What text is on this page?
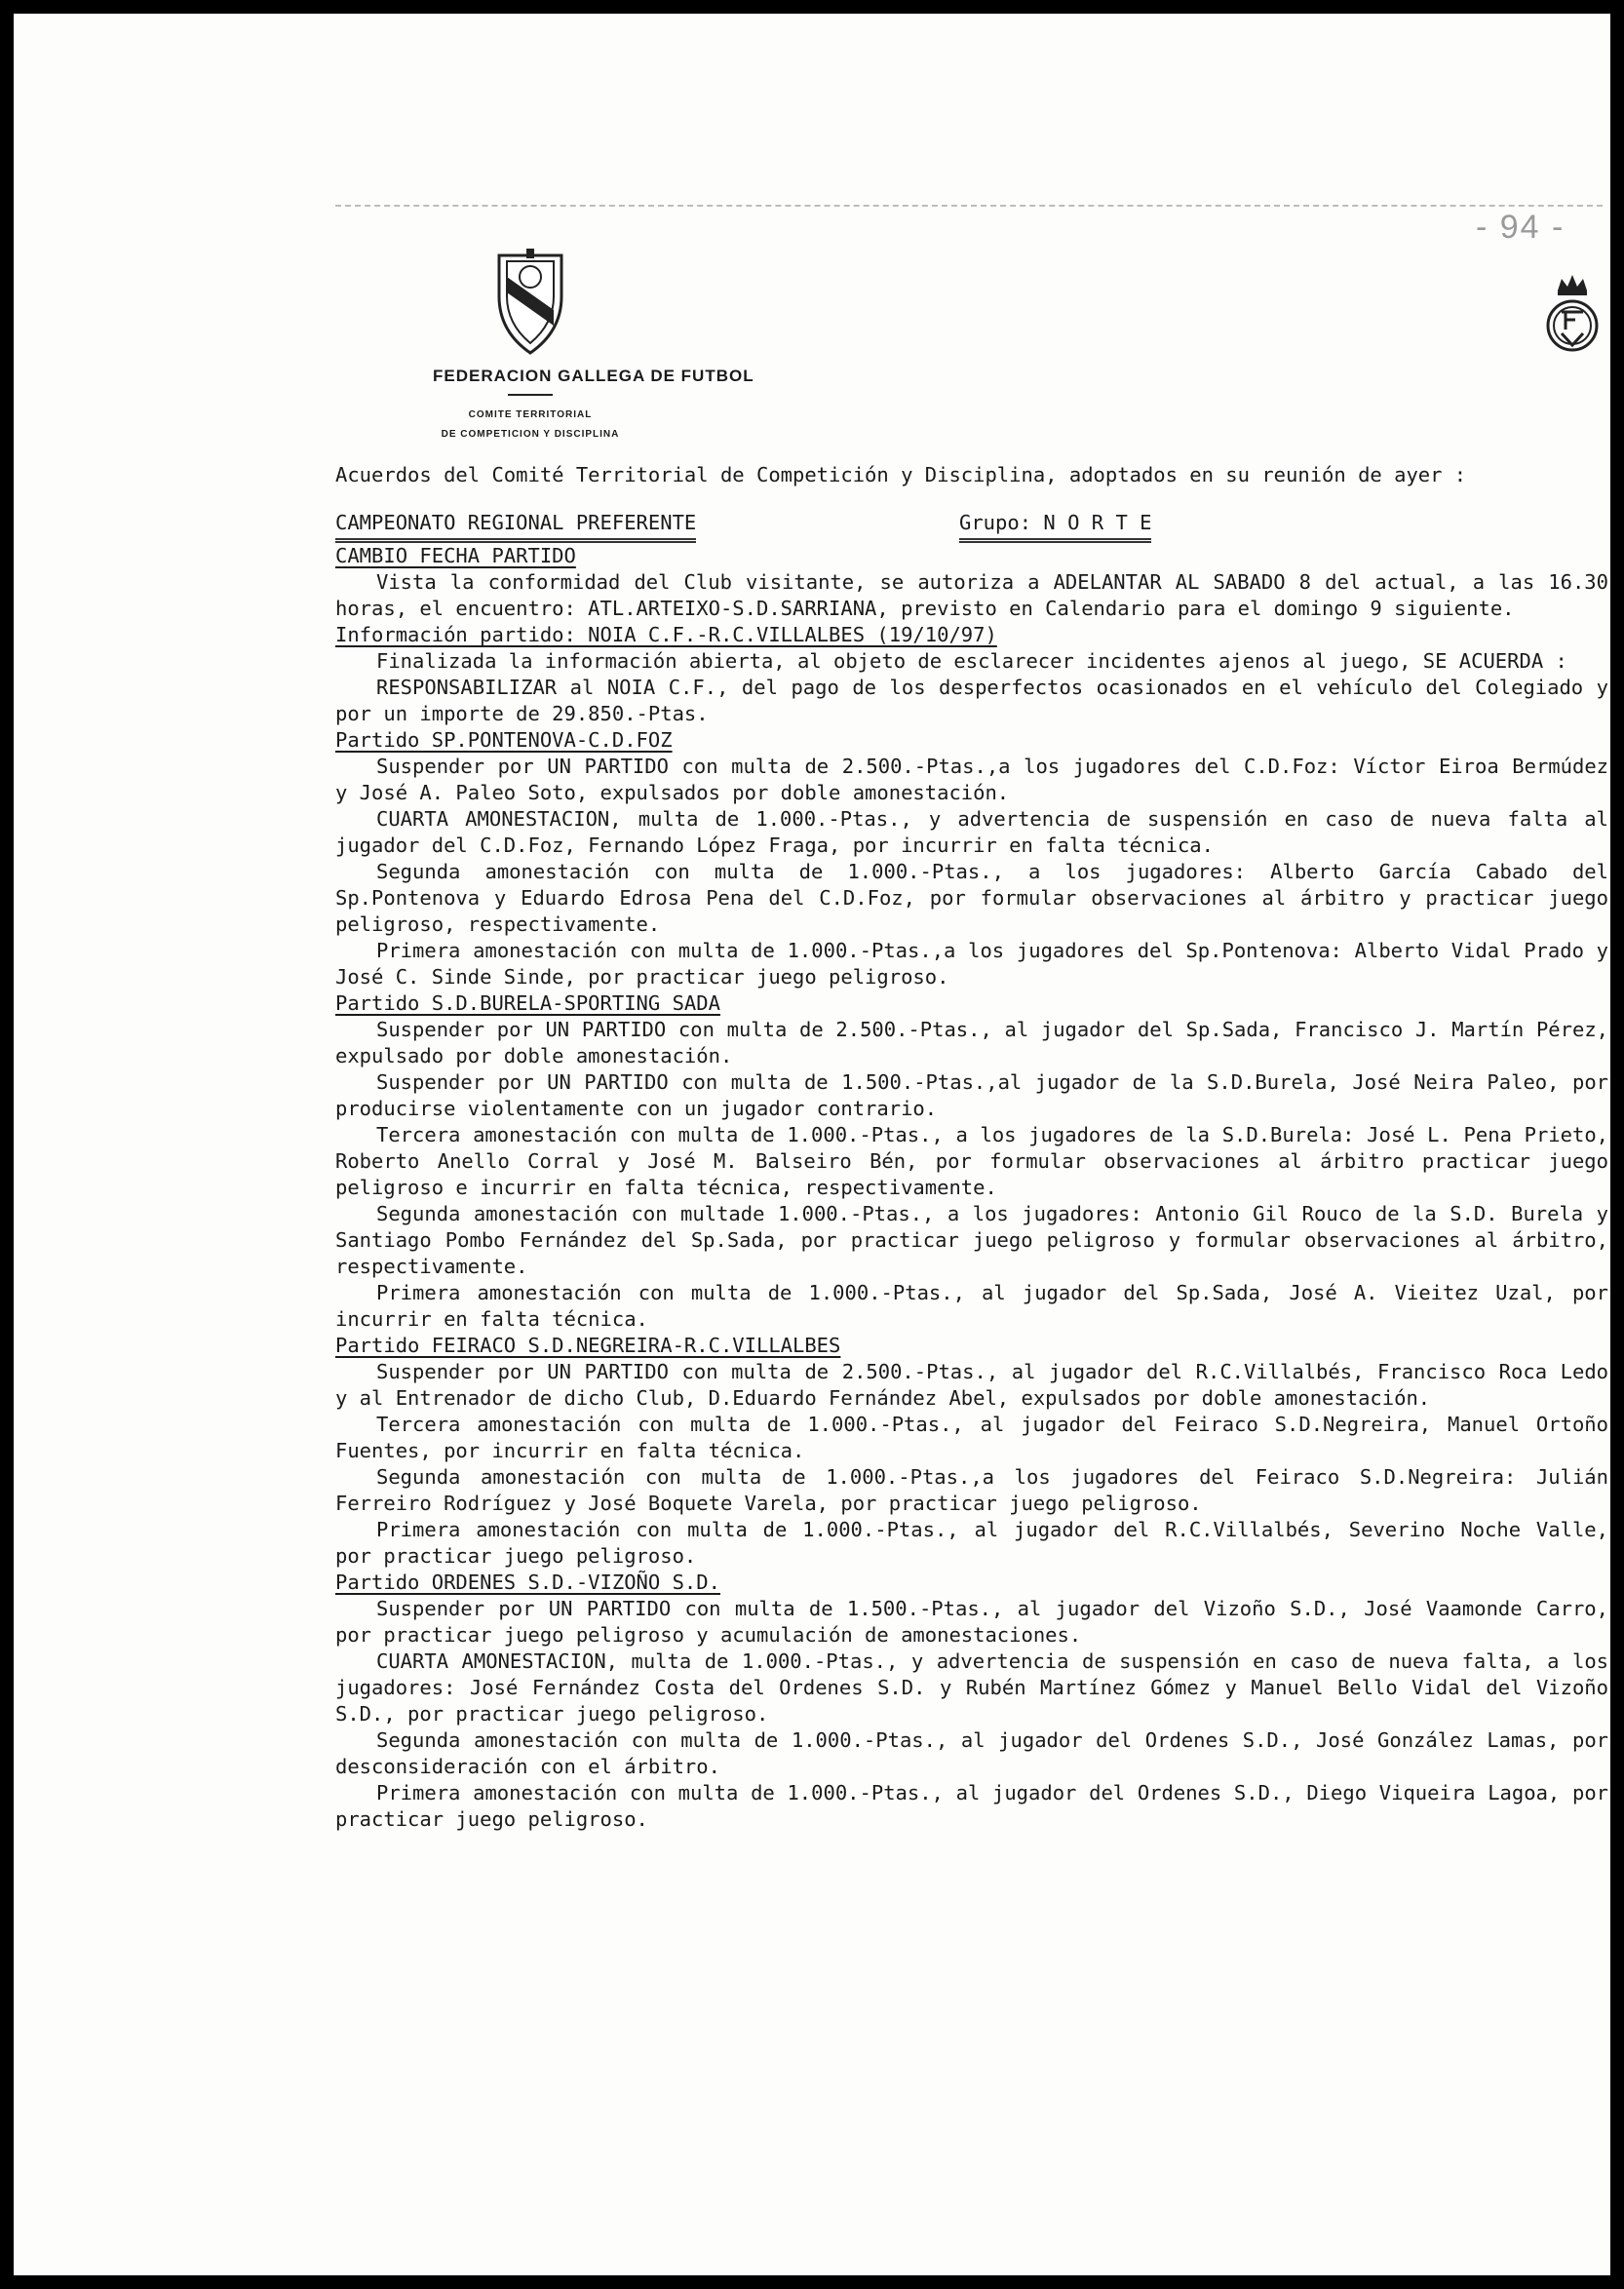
- 94 -
FEDERACION GALLEGA DE FUTBOL
COMITE TERRITORIAL
DE COMPETICION Y DISCIPLINA

Acuerdos del Comité Territorial de Competición y Disciplina, adoptados en su reunión de ayer :

CAMPEONATO REGIONAL PREFERENTE	Grupo: N O R T E

CAMBIO FECHA PARTIDO

Vista la conformidad del Club visitante, se autoriza a ADELANTAR AL SABADO 8 del actual, a las 16.30 horas, el encuentro: ATL.ARTEIXO-S.D.SARRIANA, previsto en Calendario para el domingo 9 siguiente.

Información partido: NOIA C.F.-R.C.VILLALBES (19/10/97)

Finalizada la información abierta, al objeto de esclarecer incidentes ajenos al juego, SE ACUERDA :

RESPONSABILIZAR al NOIA C.F., del pago de los desperfectos ocasionados en el vehículo del Colegiado y por un importe de 29.850.-Ptas.

Partido SP.PONTENOVA-C.D.FOZ

Suspender por UN PARTIDO con multa de 2.500.-Ptas.,a los jugadores del C.D.Foz: Víctor Eiroa Bermúdez y José A. Paleo Soto, expulsados por doble amonestación.

CUARTA AMONESTACION, multa de 1.000.-Ptas., y advertencia de suspensión en caso de nueva falta al jugador del C.D.Foz, Fernando López Fraga, por incurrir en falta técnica.

Segunda amonestación con multa de 1.000.-Ptas., a los jugadores: Alberto García Cabado del Sp.Pontenova y Eduardo Edrosa Pena del C.D.Foz, por formular observaciones al árbitro y practicar juego peligroso, respectivamente.

Primera amonestación con multa de 1.000.-Ptas.,a los jugadores del Sp.Pontenova: Alberto Vidal Prado y José C. Sinde Sinde, por practicar juego peligroso.

Partido S.D.BURELA-SPORTING SADA

Suspender por UN PARTIDO con multa de 2.500.-Ptas., al jugador del Sp.Sada, Francisco J. Martín Pérez, expulsado por doble amonestación.

Suspender por UN PARTIDO con multa de 1.500.-Ptas.,al jugador de la S.D.Burela, José Neira Paleo, por producirse violentamente con un jugador contrario.

Tercera amonestación con multa de 1.000.-Ptas., a los jugadores de la S.D.Burela: José L. Pena Prieto, Roberto Anello Corral y José M. Balseiro Bén, por formular observaciones al árbitro practicar juego peligroso e incurrir en falta técnica, respectivamente.

Segunda amonestación con multade 1.000.-Ptas., a los jugadores: Antonio Gil Rouco de la S.D. Burela y Santiago Pombo Fernández del Sp.Sada, por practicar juego peligroso y formular observaciones al árbitro, respectivamente.

Primera amonestación con multa de 1.000.-Ptas., al jugador del Sp.Sada, José A. Vieitez Uzal, por incurrir en falta técnica.

Partido FEIRACO S.D.NEGREIRA-R.C.VILLALBES

Suspender por UN PARTIDO con multa de 2.500.-Ptas., al jugador del R.C.Villalbés, Francisco Roca Ledo y al Entrenador de dicho Club, D.Eduardo Fernández Abel, expulsados por doble amonestación.

Tercera amonestación con multa de 1.000.-Ptas., al jugador del Feiraco S.D.Negreira, Manuel Ortoño Fuentes, por incurrir en falta técnica.

Segunda amonestación con multa de 1.000.-Ptas.,a los jugadores del Feiraco S.D.Negreira: Julián Ferreiro Rodríguez y José Boquete Varela, por practicar juego peligroso.

Primera amonestación con multa de 1.000.-Ptas., al jugador del R.C.Villalbés, Severino Noche Valle, por practicar juego peligroso.

Partido ORDENES S.D.-VIZOÑO S.D.

Suspender por UN PARTIDO con multa de 1.500.-Ptas., al jugador del Vizoño S.D., José Vaamonde Carro, por practicar juego peligroso y acumulación de amonestaciones.

CUARTA AMONESTACION, multa de 1.000.-Ptas., y advertencia de suspensión en caso de nueva falta, a los jugadores: José Fernández Costa del Ordenes S.D. y Rubén Martínez Gómez y Manuel Bello Vidal del Vizoño S.D., por practicar juego peligroso.

Segunda amonestación con multa de 1.000.-Ptas., al jugador del Ordenes S.D., José González Lamas, por desconsideración con el árbitro.

Primera amonestación con multa de 1.000.-Ptas., al jugador del Ordenes S.D., Diego Viqueira Lagoa, por practicar juego peligroso.
